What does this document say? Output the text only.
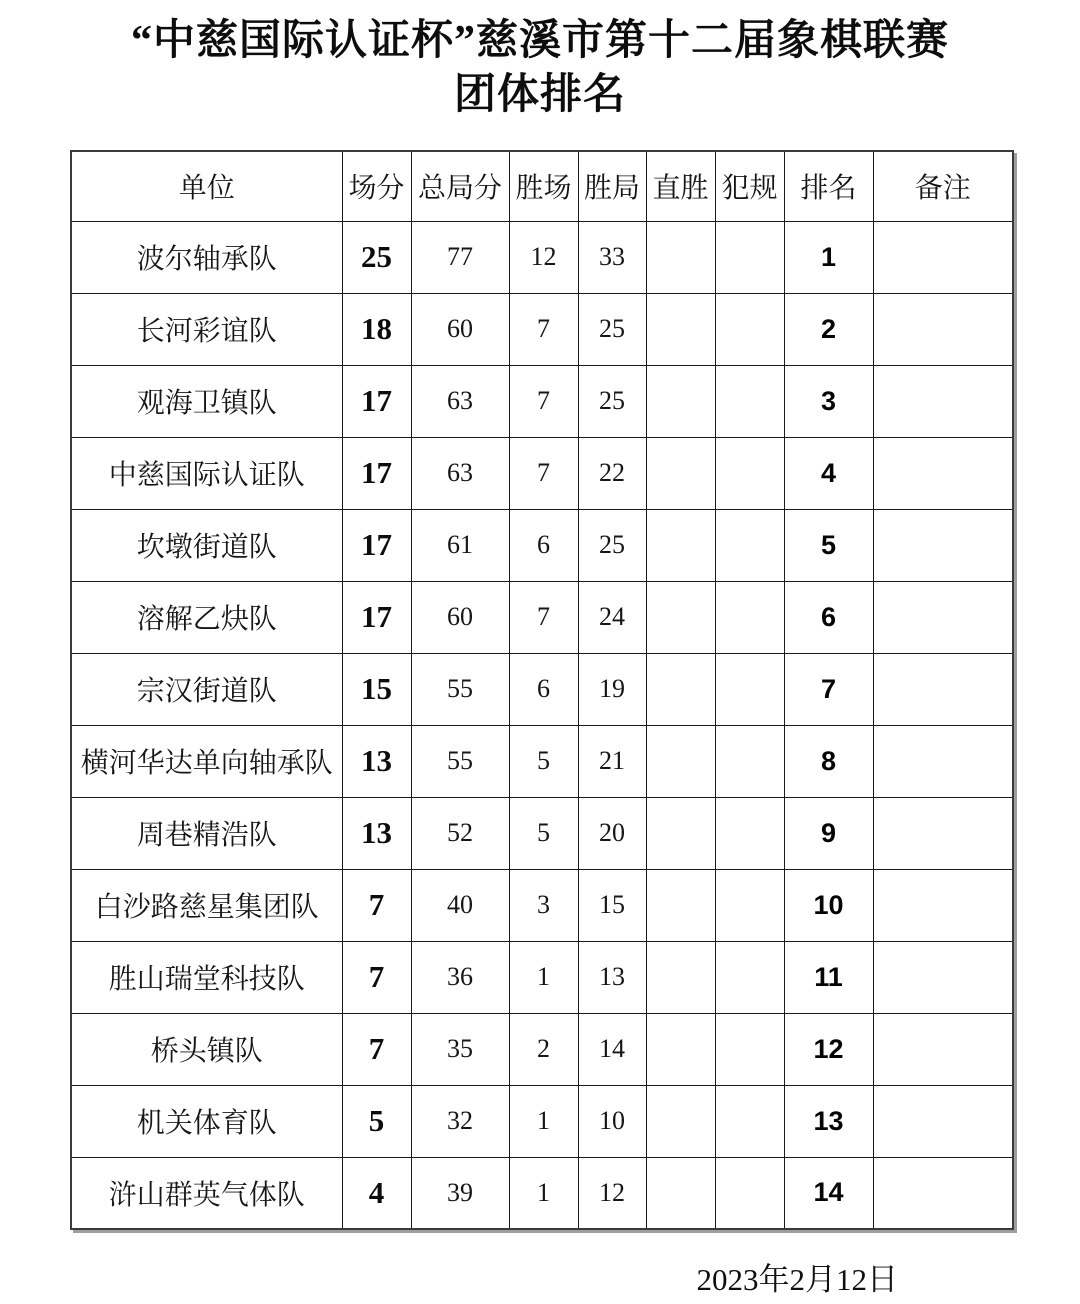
“中慈国际认证杯”慈溪市第十二届象棋联赛
团体排名
单位	场分	总局分	胜场	胜局	直胜	犯规	排名	备注
波尔轴承队	25	77	12	33			1	
长河彩谊队	18	60	7	25			2	
观海卫镇队	17	63	7	25			3	
中慈国际认证队	17	63	7	22			4	
坎墩街道队	17	61	6	25			5	
溶解乙炔队	17	60	7	24			6	
宗汉街道队	15	55	6	19			7	
横河华达单向轴承队	13	55	5	21			8	
周巷精浩队	13	52	5	20			9	
白沙路慈星集团队	7	40	3	15			10	
胜山瑞堂科技队	7	36	1	13			11	
桥头镇队	7	35	2	14			12	
机关体育队	5	32	1	10			13	
浒山群英气体队	4	39	1	12			14	
2023年2月12日
